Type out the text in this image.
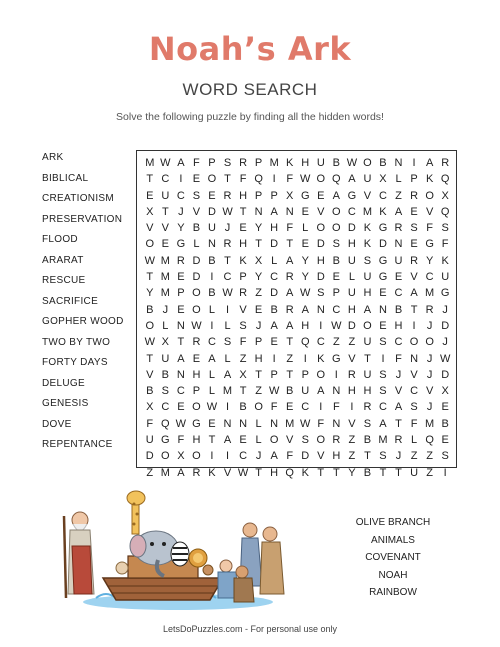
Noah’s Ark
WORD SEARCH
Solve the following puzzle by finding all the hidden words!
ARK
BIBLICAL
CREATIONISM
PRESERVATION
FLOOD
ARARAT
RESCUE
SACRIFICE
GOPHER WOOD
TWO BY TWO
FORTY DAYS
DELUGE
GENESIS
DOVE
REPENTANCE
M W A F P S R P M K H U B W O B N I A R
T C I E O T F Q I F W O Q A U X L P K Q
E U C S E R H P P X G E A G V C Z R O X
X T J V D W T N A N E V O C M K A E V Q
V V Y B U J E Y H F L O O D K G R S F S
O E G L N R H T D T E D S H K D N E G F
W M R D B T K X L A Y H B U S G U R Y K
T M E D I C P Y C R Y D E L U G E V C U
Y M P O B W R Z D A W S P U H E C A M G
B J E O L I V E B R A N C H A N B T R J
O L N W I L S J A A H I W D O E H I	J D
W X T R C S F P E T Q C Z Z U S C O O J
T U A E A L Z H I Z I K G V T I F N J W
V B N H L A X T P T P O I R U S J V J D
B S C P L M T Z W B U A N H H S V C V X
X C E O W I B O F E C I F I R C A S J E
F Q W G E N N L N M W F N V S A T F M B
U G F H T A E L O V S O R Z B M R L Q E
D O X O I	I C J A F D V H Z T S J Z Z S
Z M A R K V W T H Q K T T Y B T T U Z I
OLIVE BRANCH
ANIMALS
COVENANT
NOAH
RAINBOW
LetsDoPuzzles.com - For personal use only
